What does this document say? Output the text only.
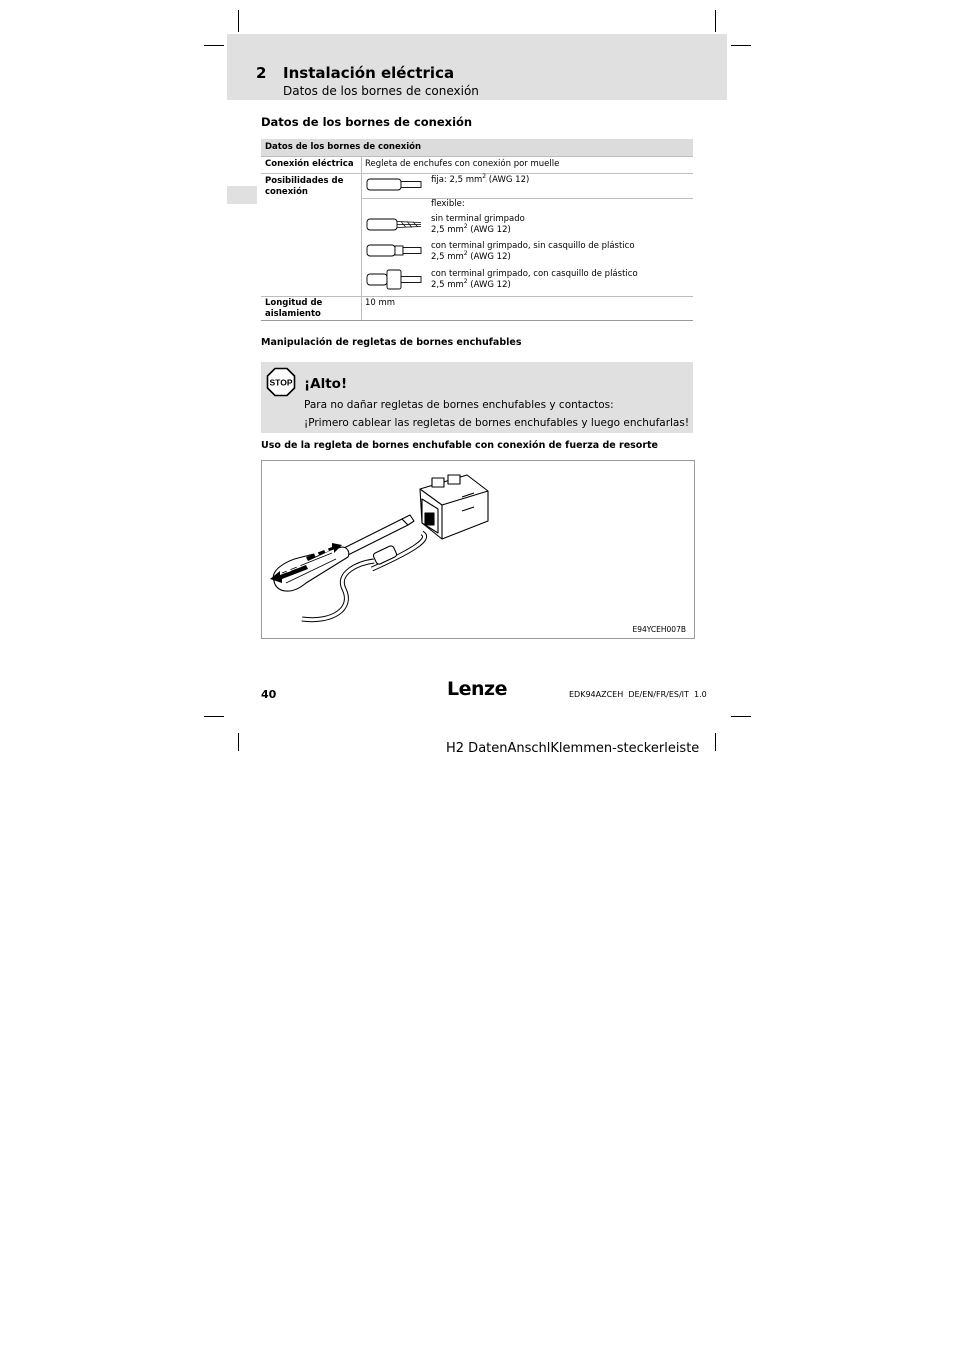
2 Instalación eléctrica
Datos de los bornes de conexión
Datos de los bornes de conexión
Datos de los bornes de conexión
Conexión eléctrica Regleta de enchufes con conexión por muelle
Posibilidades de
conexión
fija: 2,5 $mm^2$ (AWG 12)
flexible:
sin terminal grimpado
2,5 $mm^2$ (AWG 12)
con terminal grimpado, sin casquillo de plástico
2,5 $mm^2$ (AWG 12)
con terminal grimpado, con casquillo de plástico
2,5 $mm^2$ (AWG 12)
Longitud de
aislamiento
10 mm
Manipulación de regletas de bornes enchufables
STOP ¡Alto!
Para no dañar regletas de bornes enchufables y contactos:
¡Primero cablear las regletas de bornes enchufables y luego enchufarlas!
Uso de la regleta de bornes enchufable con conexión de fuerza de resorte
E94YCEH007B
40	Lenze	EDK94AZCEH  DE/EN/FR/ES/IT  1.0
H2 DatenAnschlKlemmen-steckerleiste
